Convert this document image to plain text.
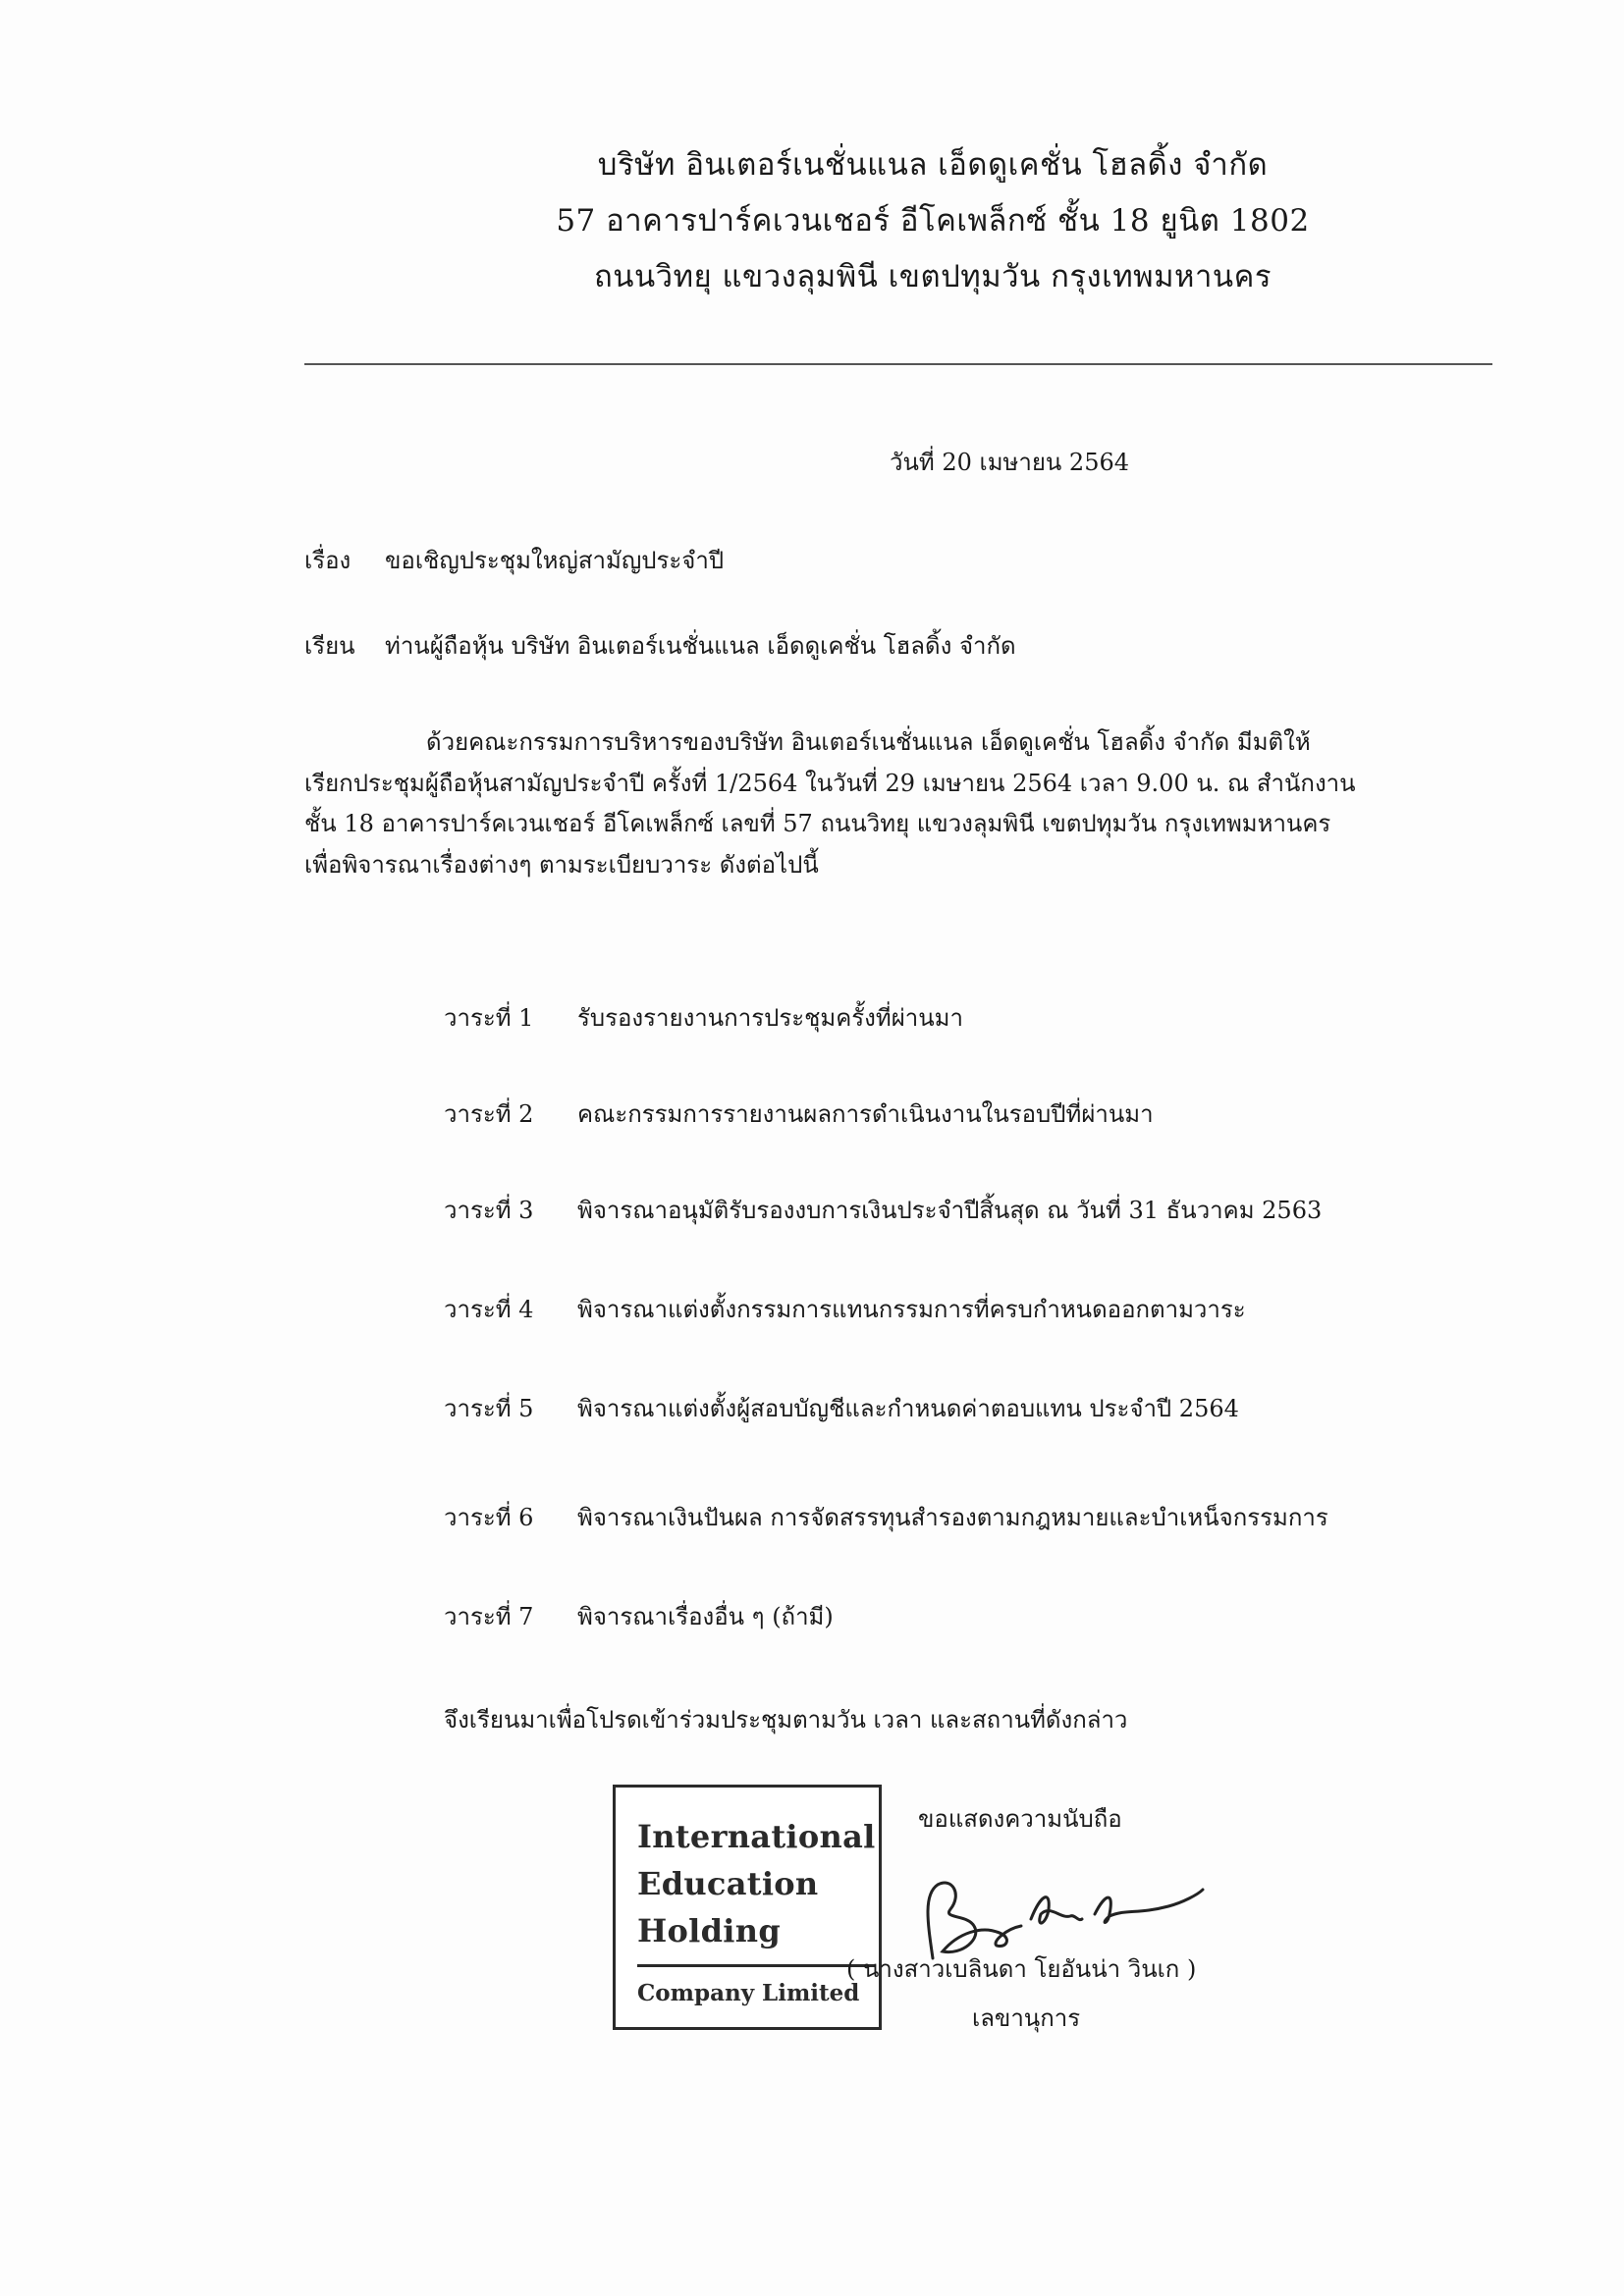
บริษัท อินเตอร์เนชั่นแนล เอ็ดดูเคชั่น โฮลดิ้ง จำกัด
57 อาคารปาร์คเวนเชอร์ อีโคเพล็กซ์ ชั้น 18 ยูนิต 1802
ถนนวิทยุ แขวงลุมพินี เขตปทุมวัน กรุงเทพมหานคร
วันที่ 20 เมษายน 2564
เรื่อง ขอเชิญประชุมใหญ่สามัญประจำปี
เรียน ท่านผู้ถือหุ้น บริษัท อินเตอร์เนชั่นแนล เอ็ดดูเคชั่น โฮลดิ้ง จำกัด
ด้วยคณะกรรมการบริหารของบริษัท อินเตอร์เนชั่นแนล เอ็ดดูเคชั่น โฮลดิ้ง จำกัด มีมติให้
เรียกประชุมผู้ถือหุ้นสามัญประจำปี ครั้งที่ 1/2564 ในวันที่ 29 เมษายน 2564 เวลา 9.00 น. ณ สำนักงาน
ชั้น 18 อาคารปาร์คเวนเชอร์ อีโคเพล็กซ์ เลขที่ 57 ถนนวิทยุ แขวงลุมพินี เขตปทุมวัน กรุงเทพมหานคร
เพื่อพิจารณาเรื่องต่างๆ ตามระเบียบวาระ ดังต่อไปนี้
วาระที่ 1 รับรองรายงานการประชุมครั้งที่ผ่านมา
วาระที่ 2 คณะกรรมการรายงานผลการดำเนินงานในรอบปีที่ผ่านมา
วาระที่ 3 พิจารณาอนุมัติรับรองงบการเงินประจำปีสิ้นสุด ณ วันที่ 31 ธันวาคม 2563
วาระที่ 4 พิจารณาแต่งตั้งกรรมการแทนกรรมการที่ครบกำหนดออกตามวาระ
วาระที่ 5 พิจารณาแต่งตั้งผู้สอบบัญชีและกำหนดค่าตอบแทน ประจำปี 2564
วาระที่ 6 พิจารณาเงินปันผล การจัดสรรทุนสำรองตามกฎหมายและบำเหน็จกรรมการ
วาระที่ 7 พิจารณาเรื่องอื่น ๆ (ถ้ามี)
จึงเรียนมาเพื่อโปรดเข้าร่วมประชุมตามวัน เวลา และสถานที่ดังกล่าว
International
Education
Holding
Company Limited
ขอแสดงความนับถือ
( นางสาวเบลินดา โยอันน่า วินเก )
เลขานุการ
